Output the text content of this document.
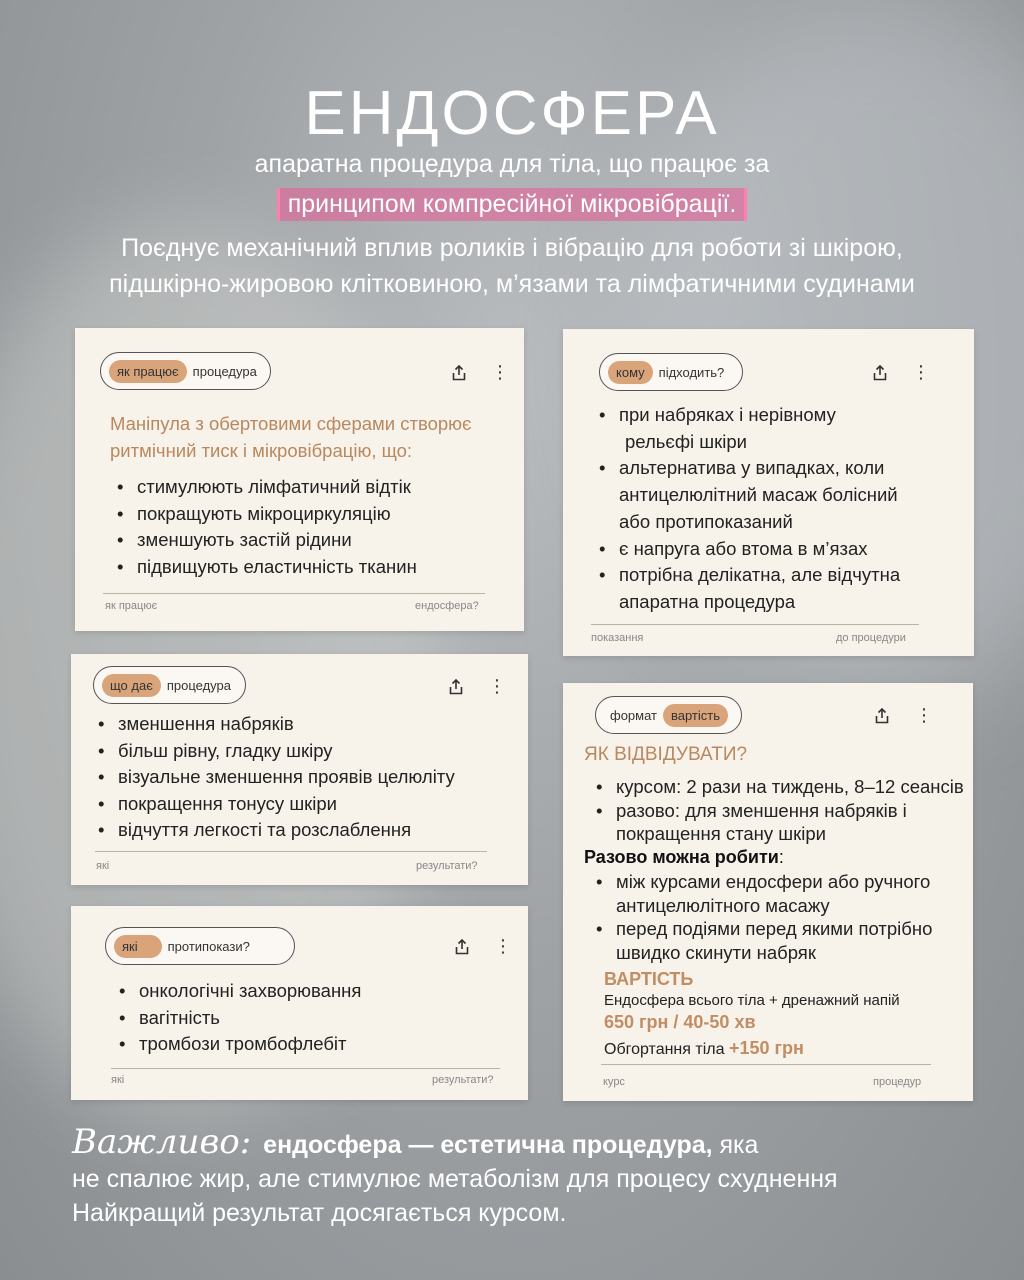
ЕНДОСФЕРА
апаратна процедура для тіла, що працює за
принципом компресійної мікровібрації.
Поєднує механічний вплив роликів і вібрацію для роботи зі шкірою,
підшкірно-жировою клітковиною, м’язами та лімфатичними судинами
як працює	процедура	⋮
Маніпула з обертовими сферами створює
ритмічний тиск і мікровібрацію, що:
• стимулюють лімфатичний відтік
• покращують мікроциркуляцію
• зменшують застій рідини
• підвищують еластичність тканин
як працює	ендосфера?
кому	підходить?	⋮
• при набряках і нерівному
рельєфі шкіри
• альтернатива у випадках, коли
антицелюлітний масаж болісний
або протипоказаний
• є напруга або втома в м’язах
• потрібна делікатна, але відчутна
апаратна процедура
показання	до процедури
що дає	процедура	⋮
• зменшення набряків
• більш рівну, гладку шкіру
• візуальне зменшення проявів целюліту
• покращення тонусу шкіри
• відчуття легкості та розслаблення
які	результати?
які	протипокази?	⋮
• онкологічні захворювання
• вагітність
• тромбози тромбофлебіт
які	результати?
формат	вартість	⋮
ЯК ВІДВІДУВАТИ?
• курсом: 2 рази на тиждень, 8–12 сеансів
• разово: для зменшення набряків і
покращення стану шкіри
Разово можна робити:
• між курсами ендосфери або ручного
антицелюлітного масажу
• перед подіями перед якими потрібно
швидко скинути набряк
ВАРТІСТЬ
Ендосфера всього тіла + дренажний напій
650 грн / 40-50 хв
Обгортання тіла +150 грн
курс	процедур
Важливо: ендосфера — естетична процедура, яка
не спалює жир, але стимулює метаболізм для процесу схуднення
Найкращий результат досягається курсом.
